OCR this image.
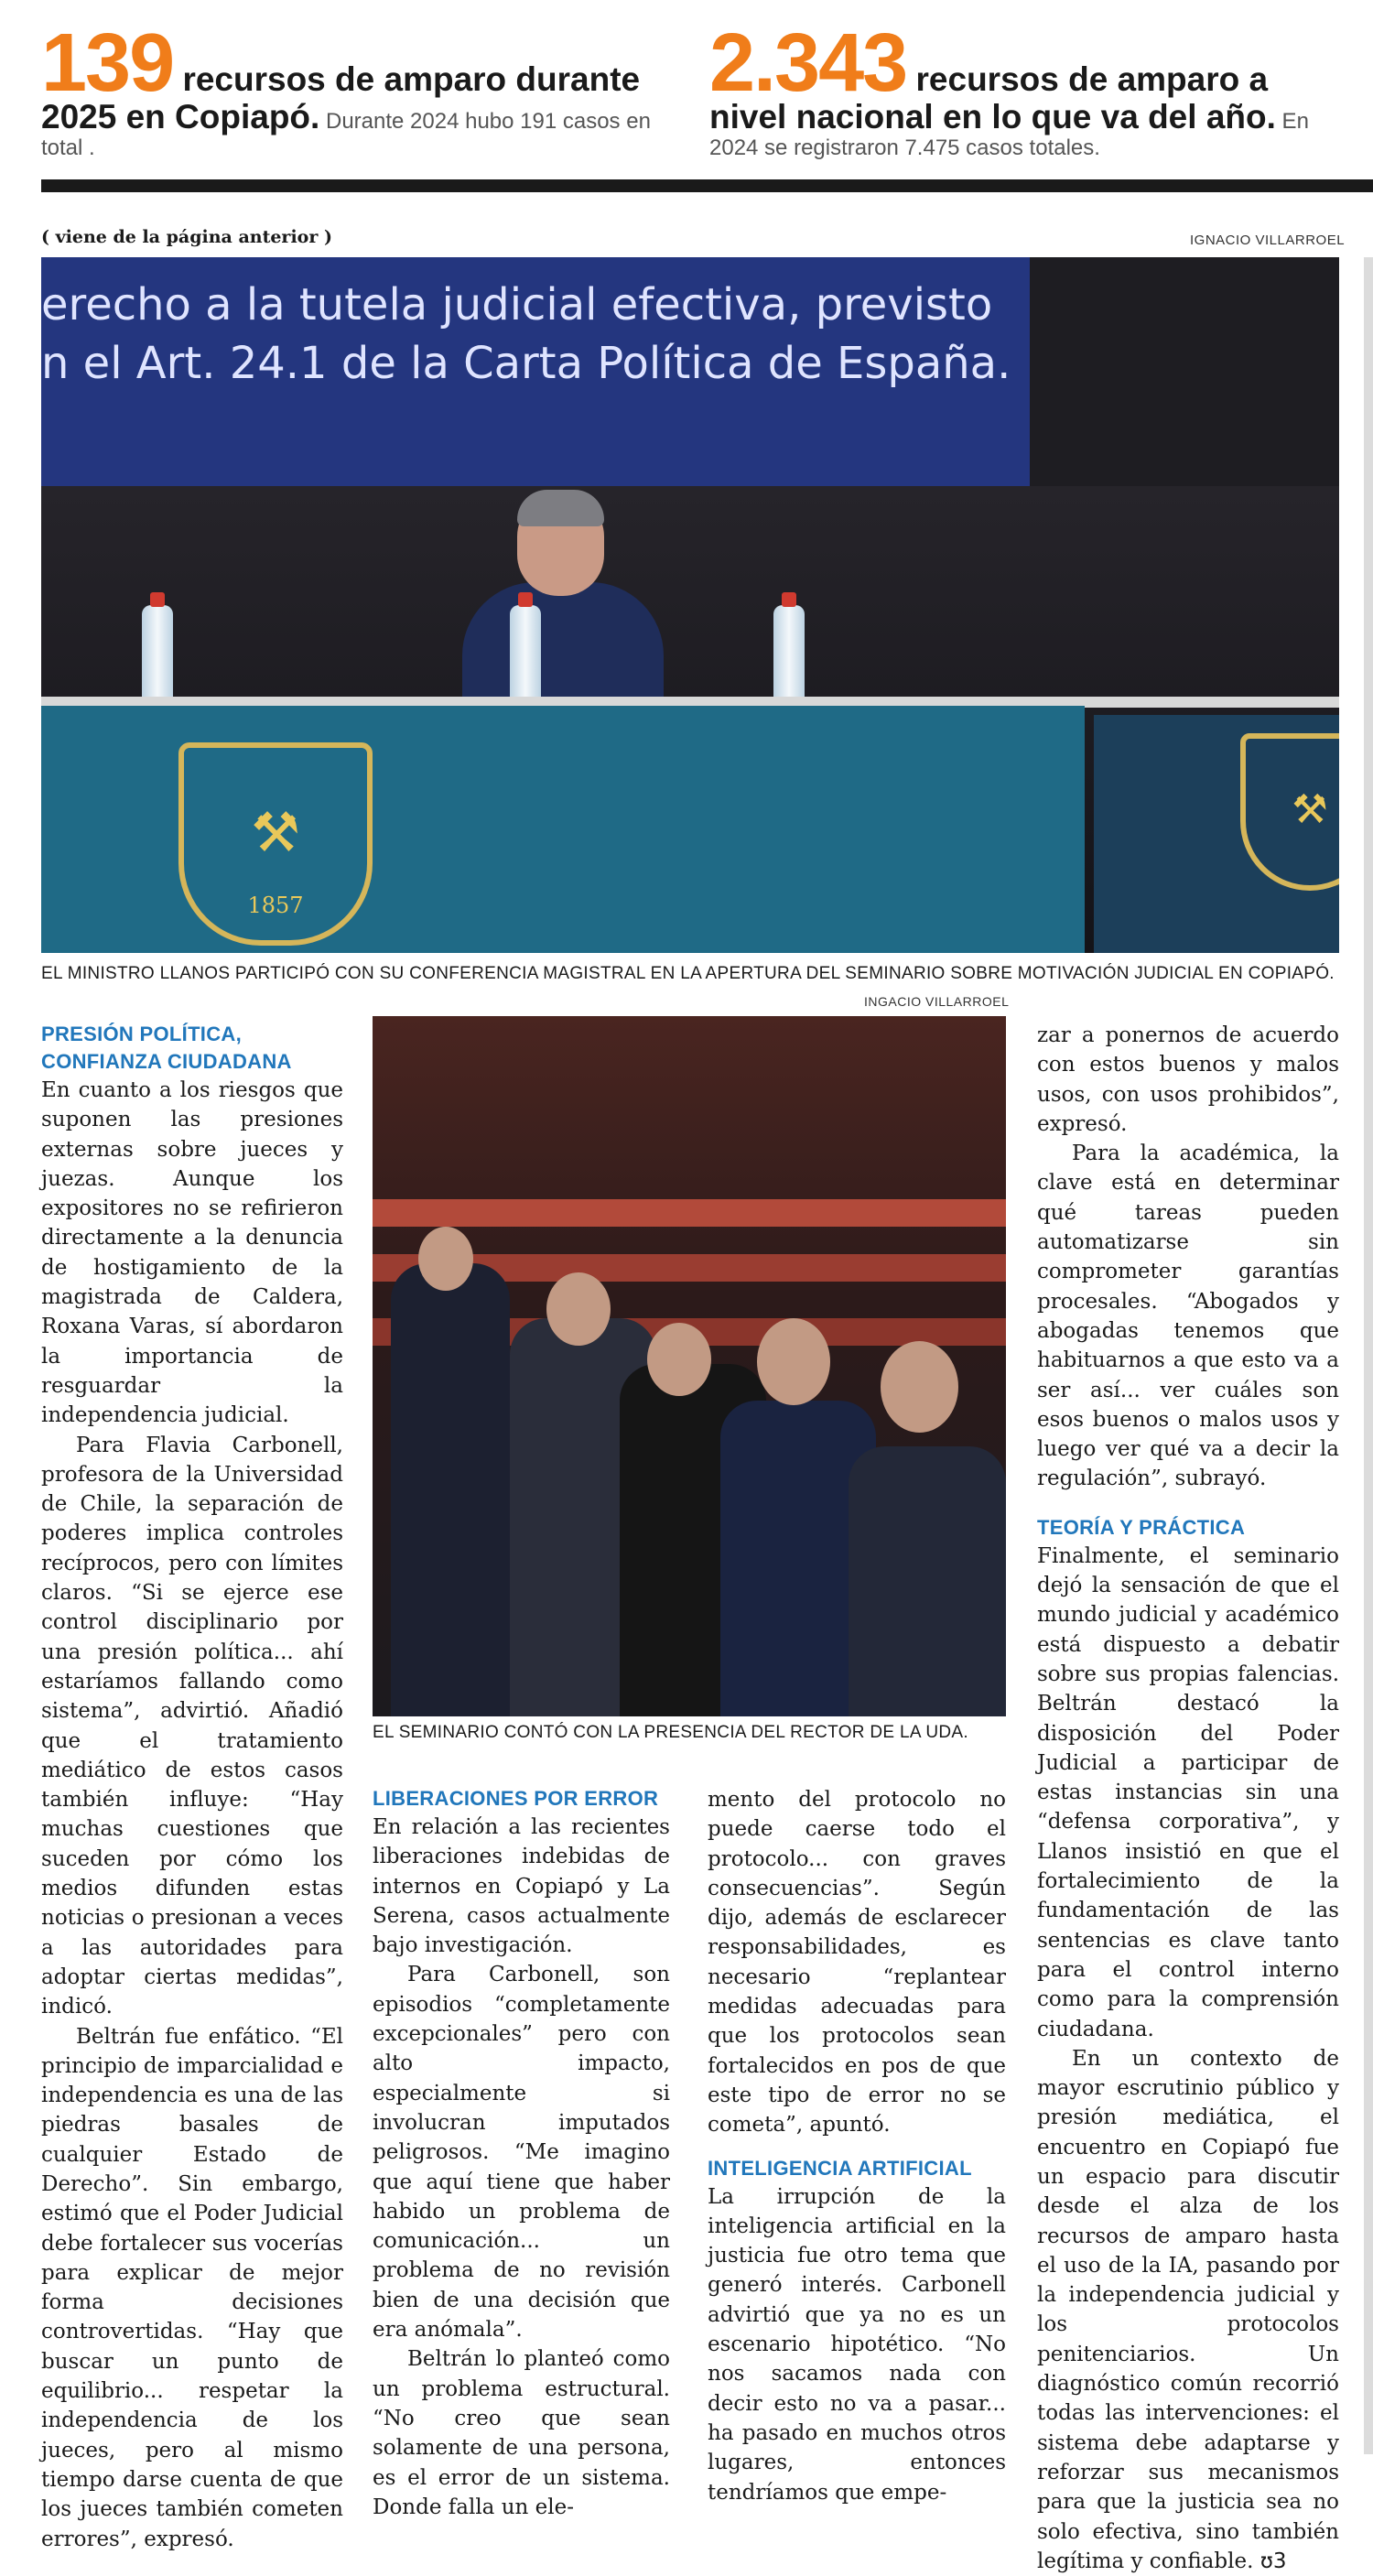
139 recursos de amparo durante 2025 en Copiapó. Durante 2024 hubo 191 casos en total .
2.343 recursos de amparo a nivel nacional en lo que va del año. En 2024 se registraron 7.475 casos totales.
( viene de la página anterior )	IGNACIO VILLARROEL
erecho a la tutela judicial efectiva, previsto
n el Art. 24.1 de la Carta Política de España.
⚒
1857
⚒
EL MINISTRO LLANOS PARTICIPÓ CON SU CONFERENCIA MAGISTRAL EN LA APERTURA DEL SEMINARIO SOBRE MOTIVACIÓN JUDICIAL EN COPIAPÓ.
INGACIO VILLARROEL
PRESIÓN POLÍTICA, CONFIANZA CIUDADANA

En cuanto a los riesgos que suponen las presiones externas sobre jueces y juezas. Aunque los expositores no se refirieron directamente a la denuncia de hostigamiento de la magistrada de Caldera, Roxana Varas, sí abordaron la importancia de resguardar la independencia judicial.

Para Flavia Carbonell, profesora de la Universidad de Chile, la separación de poderes implica controles recíprocos, pero con límites claros. “Si se ejerce ese control disciplinario por una presión política... ahí estaríamos fallando como sistema”, advirtió. Añadió que el tratamiento mediático de estos casos también influye: “Hay muchas cuestiones que suceden por cómo los medios difunden estas noticias o presionan a veces a las autoridades para adoptar ciertas medidas”, indicó.

Beltrán fue enfático. “El principio de imparcialidad e independencia es una de las piedras basales de cualquier Estado de Derecho”. Sin embargo, estimó que el Poder Judicial debe fortalecer sus vocerías para explicar de mejor forma decisiones controvertidas. “Hay que buscar un punto de equilibrio... respetar la independencia de los jueces, pero al mismo tiempo darse cuenta de que los jueces también cometen errores”, expresó.

EL SEMINARIO CONTÓ CON LA PRESENCIA DEL RECTOR DE LA UDA.
LIBERACIONES POR ERROR

En relación a las recientes liberaciones indebidas de internos en Copiapó y La Serena, casos actualmente bajo investigación.

Para Carbonell, son episodios “completamente excepcionales” pero con alto impacto, especialmente si involucran imputados peligrosos. “Me imagino que aquí tiene que haber habido un problema de comunicación... un problema de no revisión bien de una decisión que era anómala”.

Beltrán lo planteó como un problema estructural. “No creo que sean solamente de una persona, es el error de un sistema. Donde falla un ele-

mento del protocolo no puede caerse todo el protocolo... con graves consecuencias”. Según dijo, además de esclarecer responsabilidades, es necesario “replantear medidas adecuadas para que los protocolos sean fortalecidos en pos de que este tipo de error no se cometa”, apuntó.

INTELIGENCIA ARTIFICIAL

La irrupción de la inteligencia artificial en la justicia fue otro tema que generó interés. Carbonell advirtió que ya no es un escenario hipotético. “No nos sacamos nada con decir esto no va a pasar... ha pasado en muchos otros lugares, entonces tendríamos que empe-

zar a ponernos de acuerdo con estos buenos y malos usos, con usos prohibidos”, expresó.

Para la académica, la clave está en determinar qué tareas pueden automatizarse sin comprometer garantías procesales. “Abogados y abogadas tenemos que habituarnos a que esto va a ser así... ver cuáles son esos buenos o malos usos y luego ver qué va a decir la regulación”, subrayó.

TEORÍA Y PRÁCTICA

Finalmente, el seminario dejó la sensación de que el mundo judicial y académico está dispuesto a debatir sobre sus propias falencias. Beltrán destacó la disposición del Poder Judicial a participar de estas instancias sin una “defensa corporativa”, y Llanos insistió en que el fortalecimiento de la fundamentación de las sentencias es clave tanto para el control interno como para la comprensión ciudadana.

En un contexto de mayor escrutinio público y presión mediática, el encuentro en Copiapó fue un espacio para discutir desde el alza de los recursos de amparo hasta el uso de la IA, pasando por la independencia judicial y los protocolos penitenciarios. Un diagnóstico común recorrió todas las intervenciones: el sistema debe adaptarse y reforzar sus mecanismos para que la justicia sea no solo efectiva, sino también legítima y confiable. ʊ3
